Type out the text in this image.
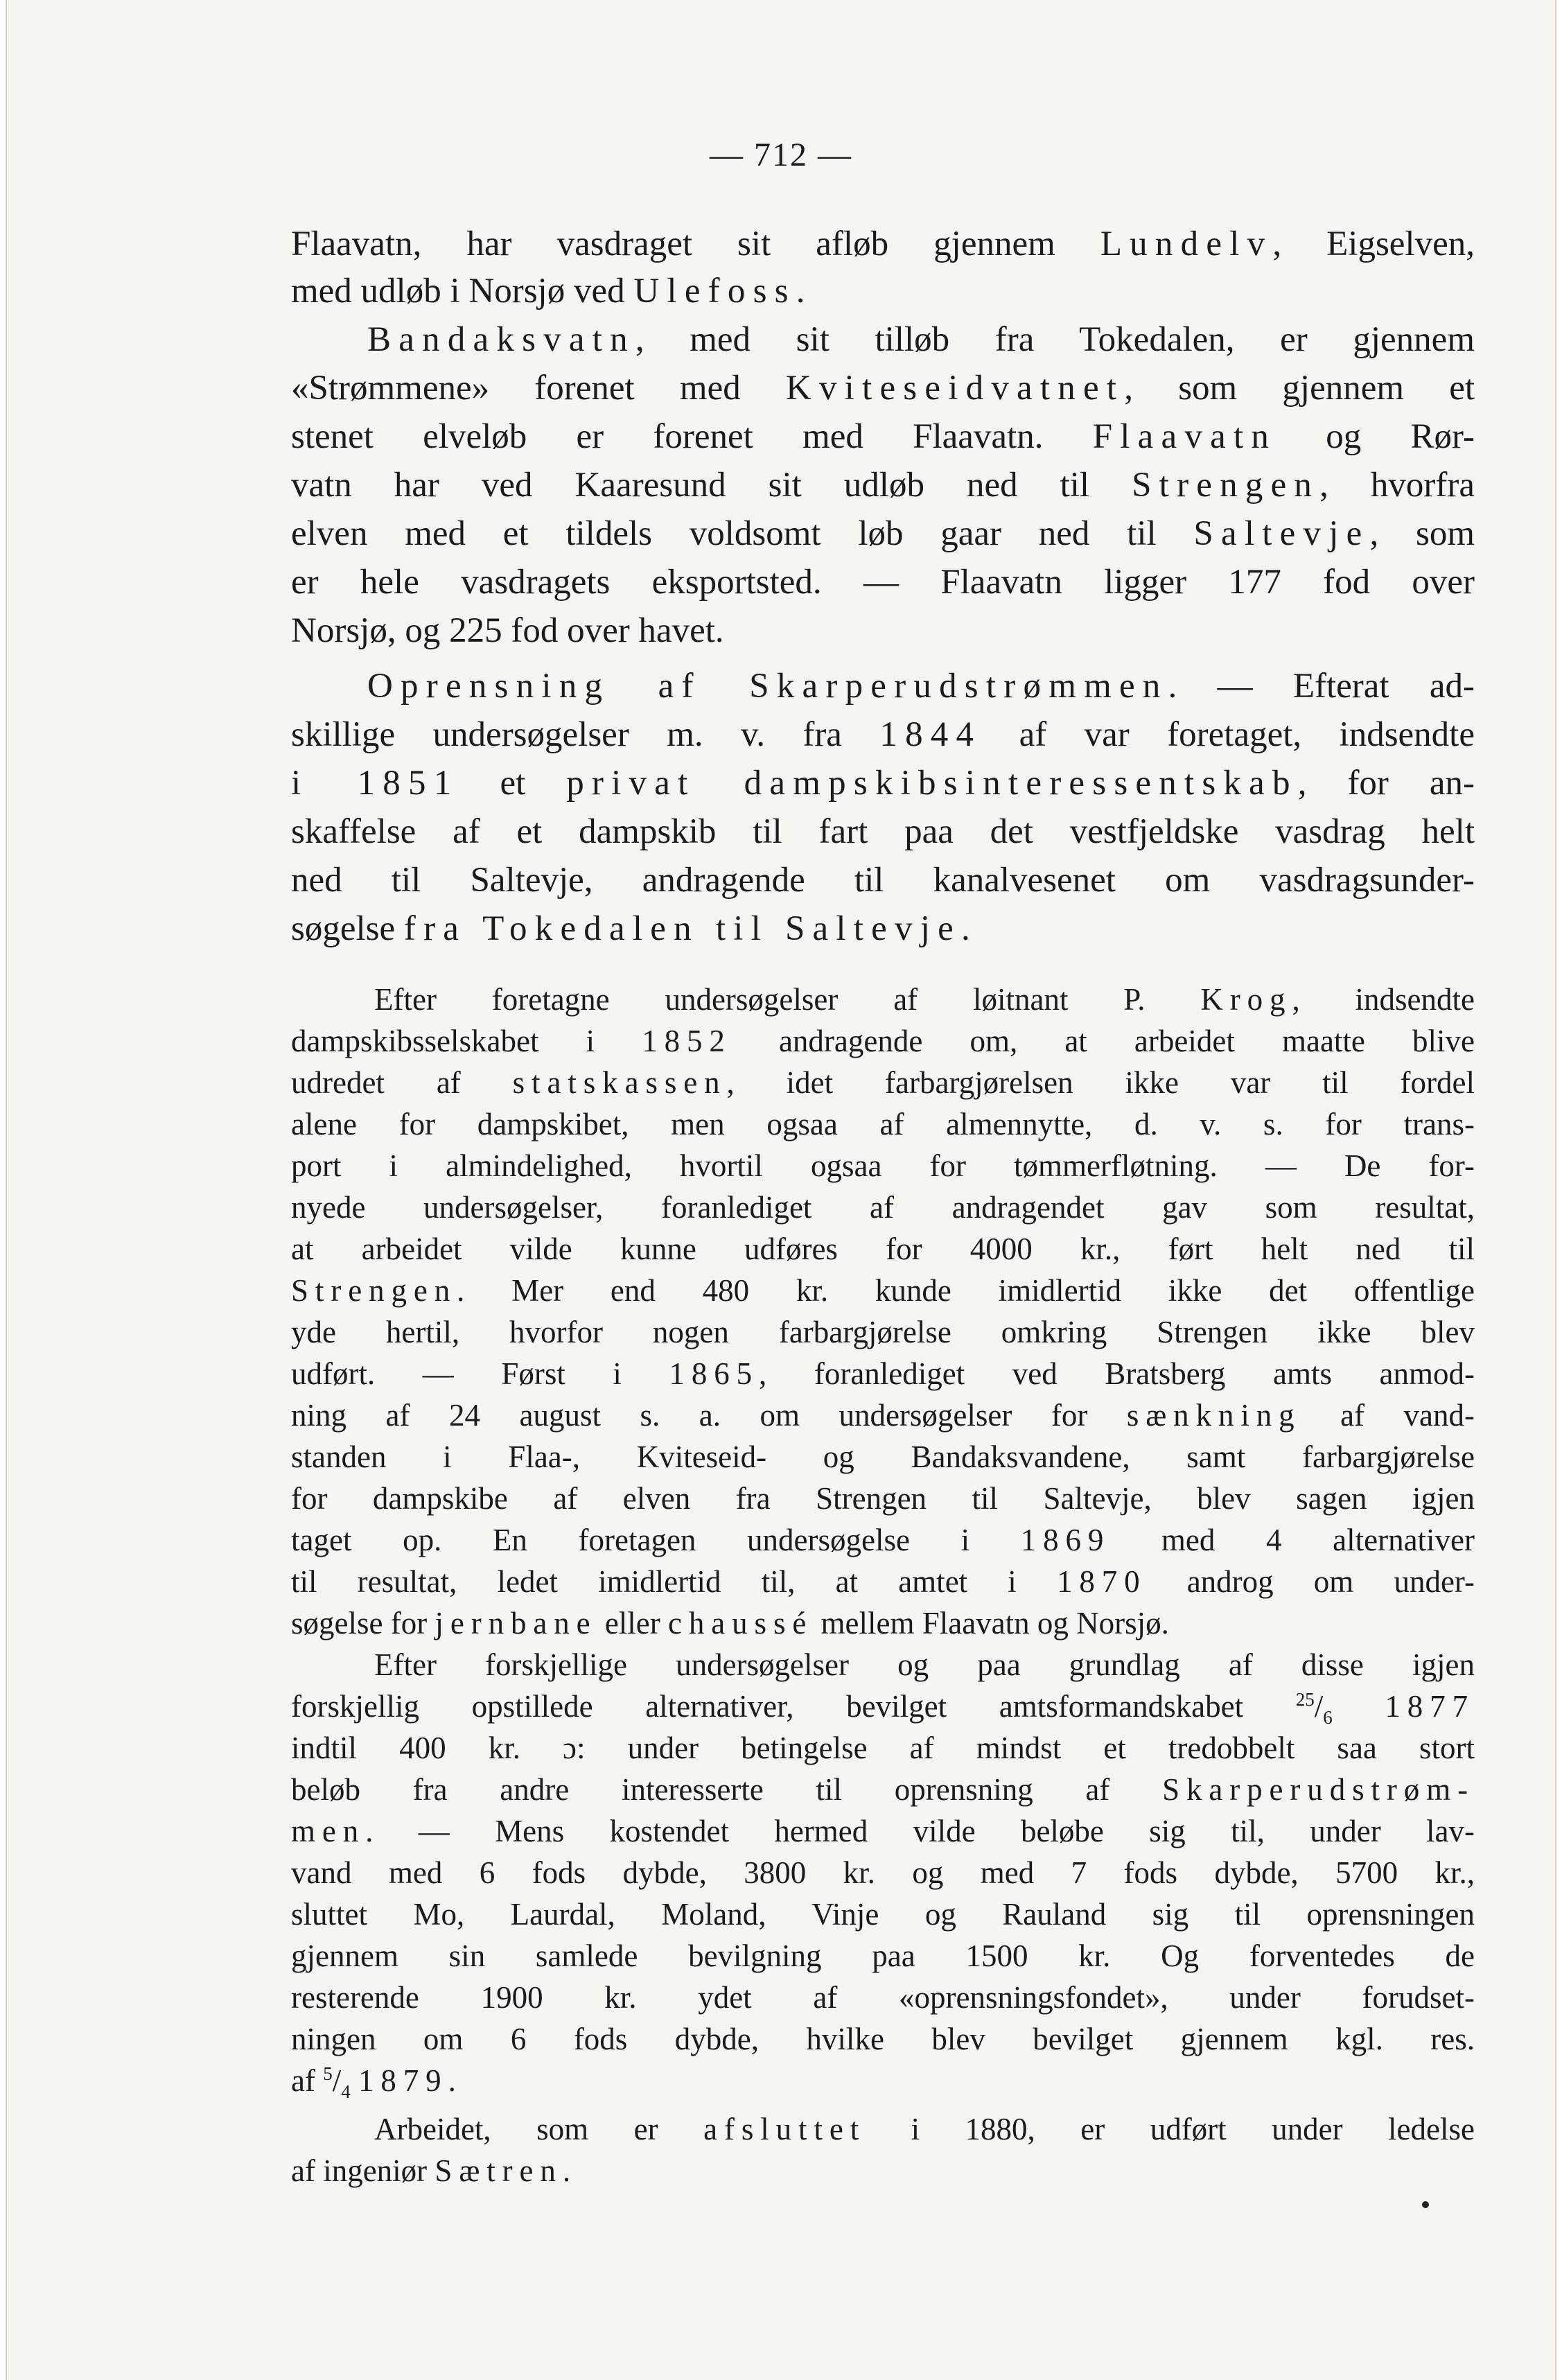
— 712 —
Flaavatn, har vasdraget sit afløb gjennem Lundelv, Eigselven,
med udløb i Norsjø ved Ulefoss.
Bandaksvatn, med sit tilløb fra Tokedalen, er gjennem
«Strømmene» forenet med Kviteseidvatnet, som gjennem et
stenet elveløb er forenet med Flaavatn. Flaavatn og Rør-
vatn har ved Kaaresund sit udløb ned til Strengen, hvorfra
elven med et tildels voldsomt løb gaar ned til Saltevje, som
er hele vasdragets eksportsted. — Flaavatn ligger 177 fod over
Norsjø, og 225 fod over havet.
Oprensning af Skarperudstrømmen. — Efterat ad-
skillige undersøgelser m. v. fra 1844 af var foretaget, indsendte
i 1851 et privat dampskibsinteressentskab, for an-
skaffelse af et dampskib til fart paa det vestfjeldske vasdrag helt
ned til Saltevje, andragende til kanalvesenet om vasdragsunder-
søgelse fra Tokedalen til Saltevje.
Efter foretagne undersøgelser af løitnant P. Krog, indsendte
dampskibsselskabet i 1852 andragende om, at arbeidet maatte blive
udredet af statskassen, idet farbargjørelsen ikke var til fordel
alene for dampskibet, men ogsaa af almennytte, d. v. s. for trans-
port i almindelighed, hvortil ogsaa for tømmerfløtning. — De for-
nyede undersøgelser, foranlediget af andragendet gav som resultat,
at arbeidet vilde kunne udføres for 4000 kr., ført helt ned til
Strengen. Mer end 480 kr. kunde imidlertid ikke det offentlige
yde hertil, hvorfor nogen farbargjørelse omkring Strengen ikke blev
udført. — Først i 1865, foranlediget ved Bratsberg amts anmod-
ning af 24 august s. a. om undersøgelser for sænkning af vand-
standen i Flaa-, Kviteseid- og Bandaksvandene, samt farbargjørelse
for dampskibe af elven fra Strengen til Saltevje, blev sagen igjen
taget op. En foretagen undersøgelse i 1869 med 4 alternativer
til resultat, ledet imidlertid til, at amtet i 1870 androg om under-
søgelse for jernbane eller chaussé mellem Flaavatn og Norsjø.
Efter forskjellige undersøgelser og paa grundlag af disse igjen
forskjellig opstillede alternativer, bevilget amtsformandskabet $^{25}/_6$ 1877
indtil 400 kr. ɔ: under betingelse af mindst et tredobbelt saa stort
beløb fra andre interesserte til oprensning af Skarperudstrøm-
men. — Mens kostendet hermed vilde beløbe sig til, under lav-
vand med 6 fods dybde, 3800 kr. og med 7 fods dybde, 5700 kr.,
sluttet Mo, Laurdal, Moland, Vinje og Rauland sig til oprensningen
gjennem sin samlede bevilgning paa 1500 kr. Og forventedes de
resterende 1900 kr. ydet af «oprensningsfondet», under forudset-
ningen om 6 fods dybde, hvilke blev bevilget gjennem kgl. res.
af $^5/_4$ 1879.
Arbeidet, som er afsluttet i 1880, er udført under ledelse
af ingeniør Sætren.
